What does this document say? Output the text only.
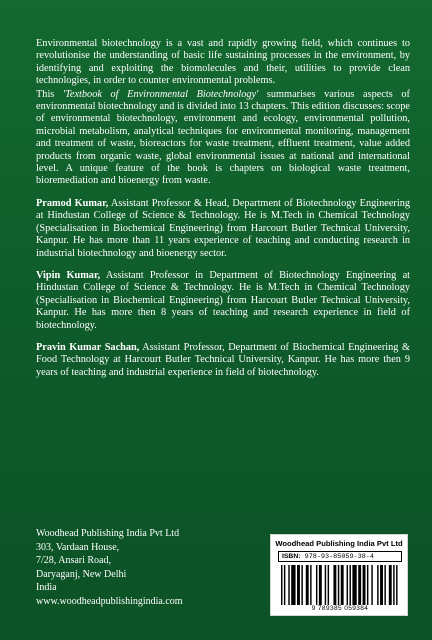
Environmental biotechnology is a vast and rapidly growing field, which continues to revolutionise the understanding of basic life sustaining processes in the environment, by identifying and exploiting the biomolecules and their, utilities to provide clean technologies, in order to counter environmental problems.

This 'Textbook of Environmental Biotechnology' summarises various aspects of environmental biotechnology and is divided into 13 chapters. This edition discusses: scope of environmental biotechnology, environment and ecology, environmental pollution, microbial metabolism, analytical techniques for environmental monitoring, management and treatment of waste, bioreactors for waste treatment, effluent treatment, value added products from organic waste, global environmental issues at national and international level. A unique feature of the book is chapters on biological waste treatment, bioremediation and bioenergy from waste.

Pramod Kumar, Assistant Professor & Head, Department of Biotechnology Engineering at Hindustan College of Science & Technology. He is M.Tech in Chemical Technology (Specialisation in Biochemical Engineering) from Harcourt Butler Technical University, Kanpur. He has more than 11 years experience of teaching and conducting research in industrial biotechnology and bioenergy sector.

Vipin Kumar, Assistant Professor in Department of Biotechnology Engineering at Hindustan College of Science & Technology. He is M.Tech in Chemical Technology (Specialisation in Biochemical Engineering) from Harcourt Butler Technical University, Kanpur. He has more then 8 years of teaching and research experience in field of biotechnology.

Pravin Kumar Sachan, Assistant Professor, Department of Biochemical Engineering & Food Technology at Harcourt Butler Technical University, Kanpur. He has more then 9 years of teaching and industrial experience in field of biotechnology.

Woodhead Publishing India Pvt Ltd
303, Vardaan House,
7/28, Ansari Road,
Daryaganj, New Delhi
India
www.woodheadpublishingindia.com
Woodhead Publishing India Pvt Ltd
ISBN: 978-93-85059-38-4
9 789385 059384
